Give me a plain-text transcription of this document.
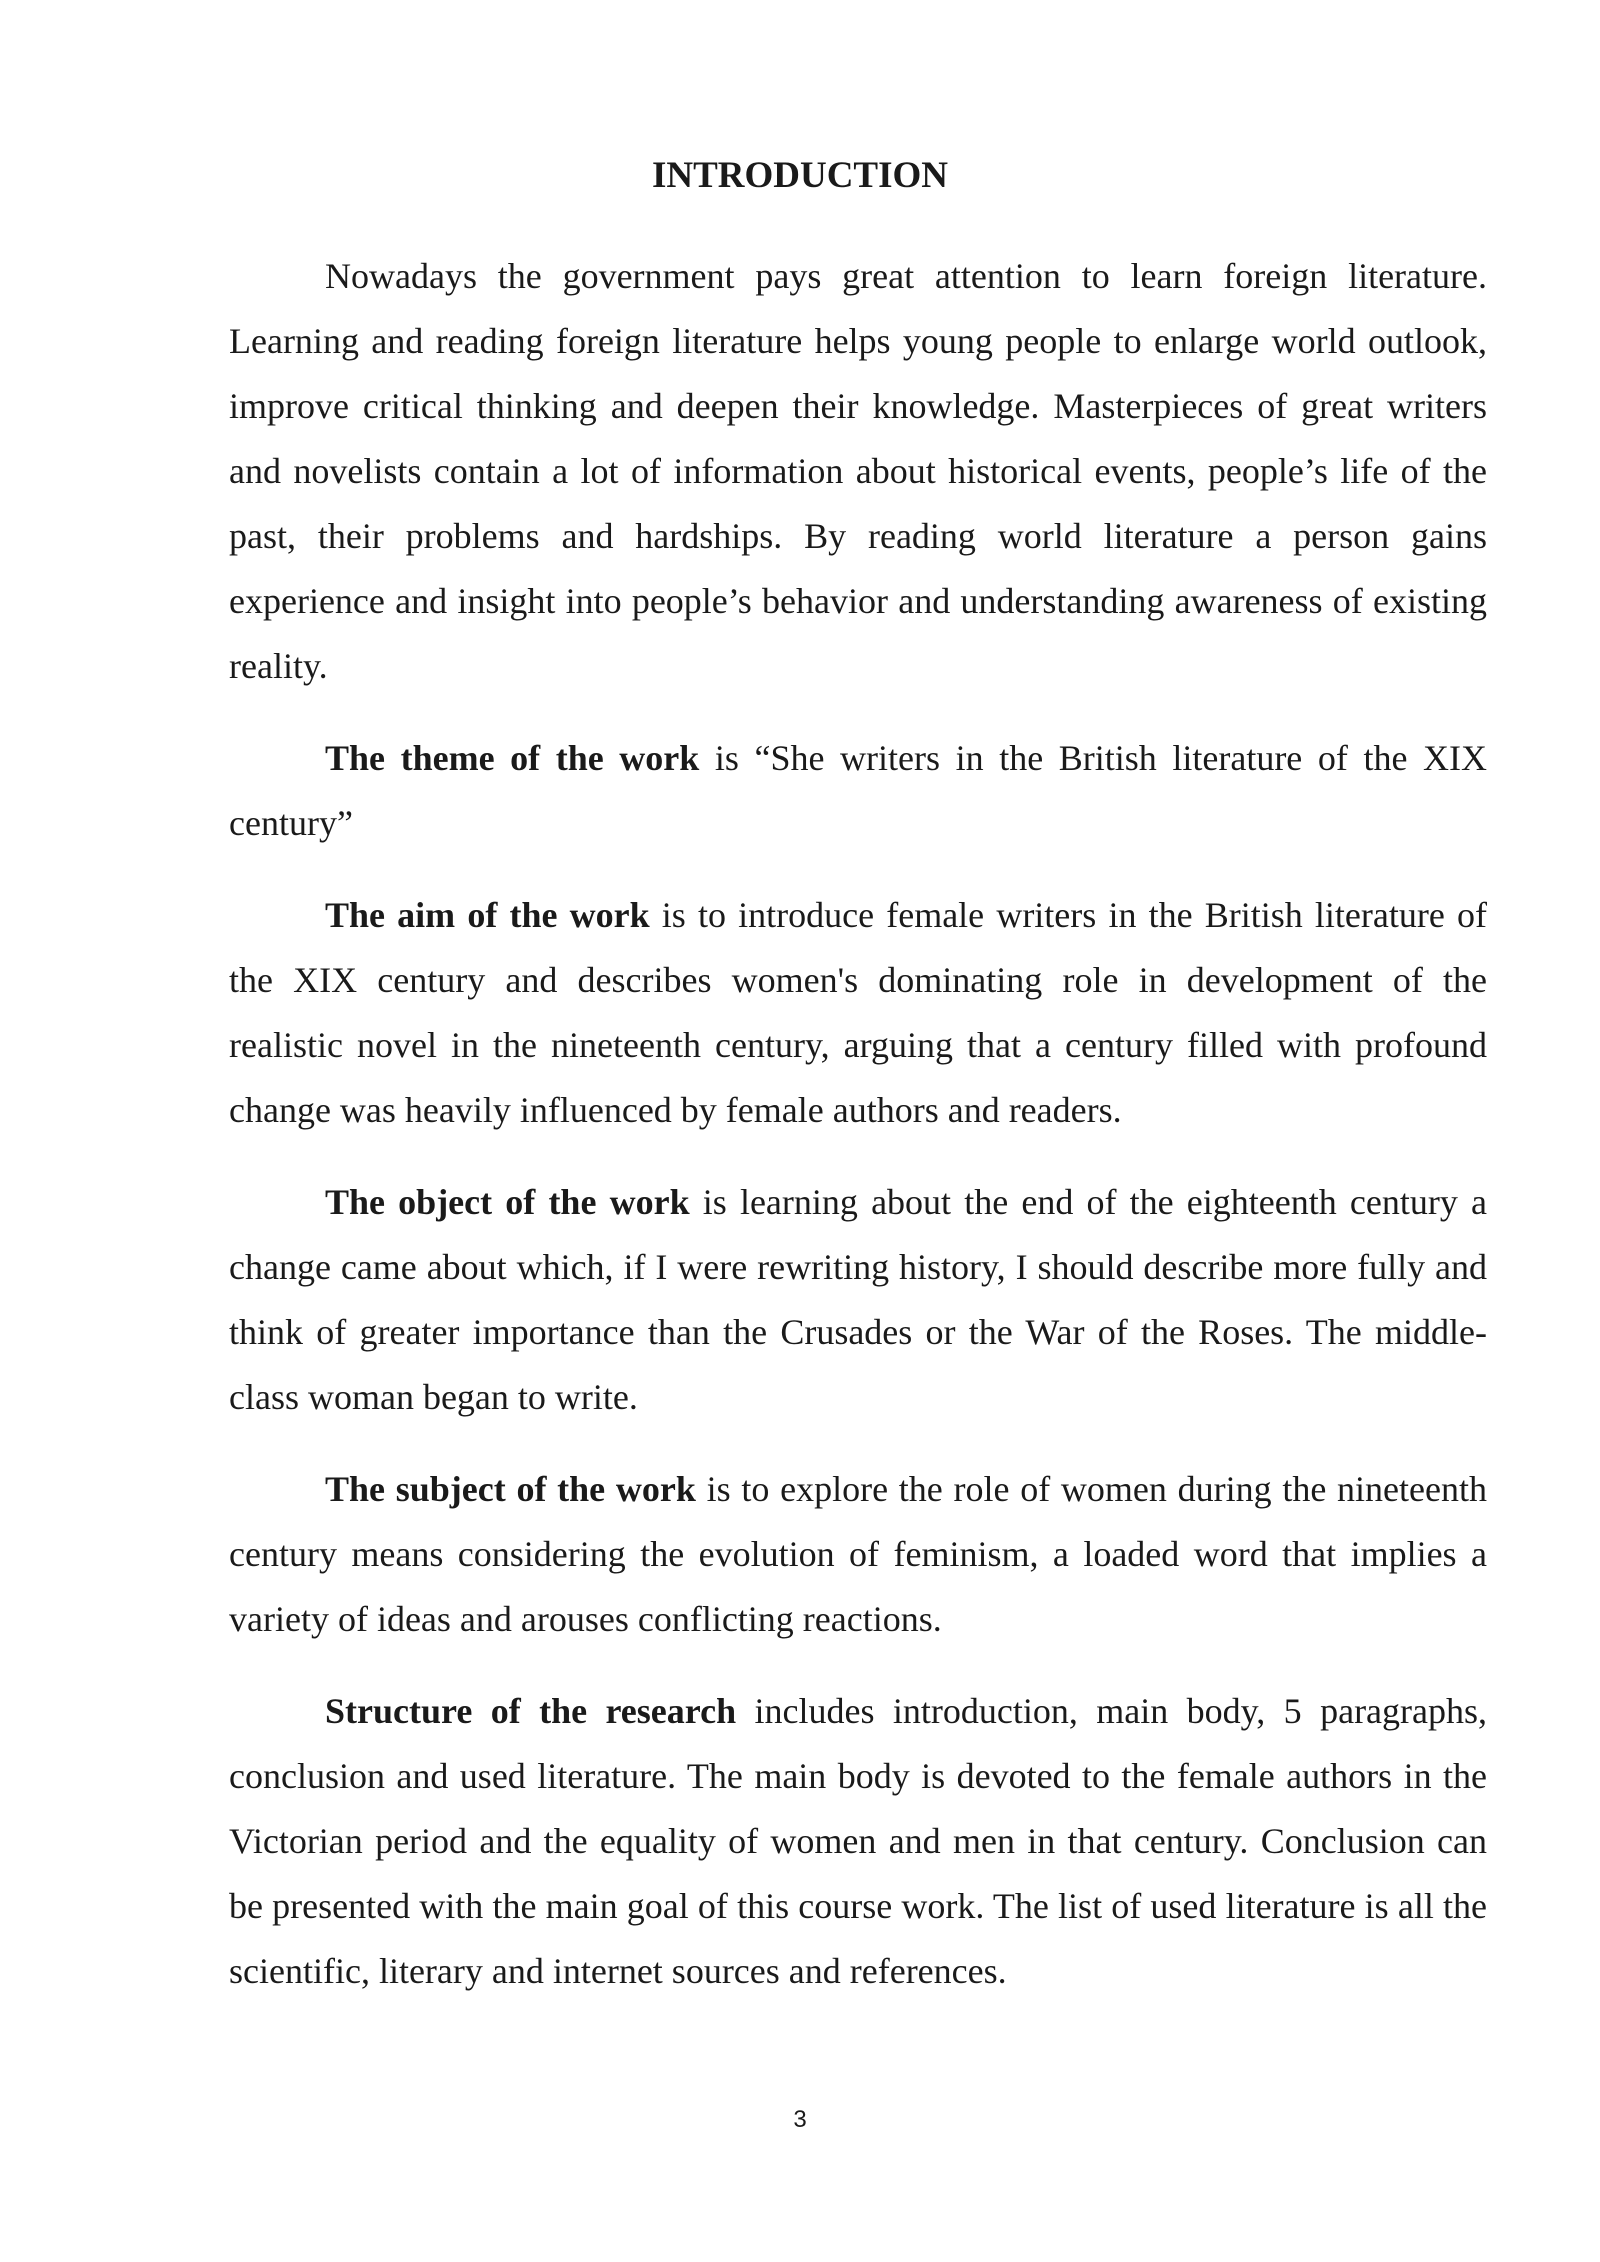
INTRODUCTION

Nowadays the government pays great attention to learn foreign literature. Learning and reading foreign literature helps young people to enlarge world outlook, improve critical thinking and deepen their knowledge. Masterpieces of great writers and novelists contain a lot of information about historical events, people’s life of the past, their problems and hardships. By reading world literature a person gains experience and insight into people’s behavior and understanding awareness of existing reality.

The theme of the work is “She writers in the British literature of the XIX century”

The aim of the work is to introduce female writers in the British literature of the XIX century and describes women's dominating role in development of the realistic novel in the nineteenth century, arguing that a century filled with profound change was heavily influenced by female authors and readers.

The object of the work is learning about the end of the eighteenth century a change came about which, if I were rewriting history, I should describe more fully and think of greater importance than the Crusades or the War of the Roses. The middle-class woman began to write.

The subject of the work is to explore the role of women during the nineteenth century means considering the evolution of feminism, a loaded word that implies a variety of ideas and arouses conflicting reactions.

Structure of the research includes introduction, main body, 5 paragraphs, conclusion and used literature. The main body is devoted to the female authors in the Victorian period and the equality of women and men in that century. Conclusion can be presented with the main goal of this course work. The list of used literature is all the scientific, literary and internet sources and references.

3
